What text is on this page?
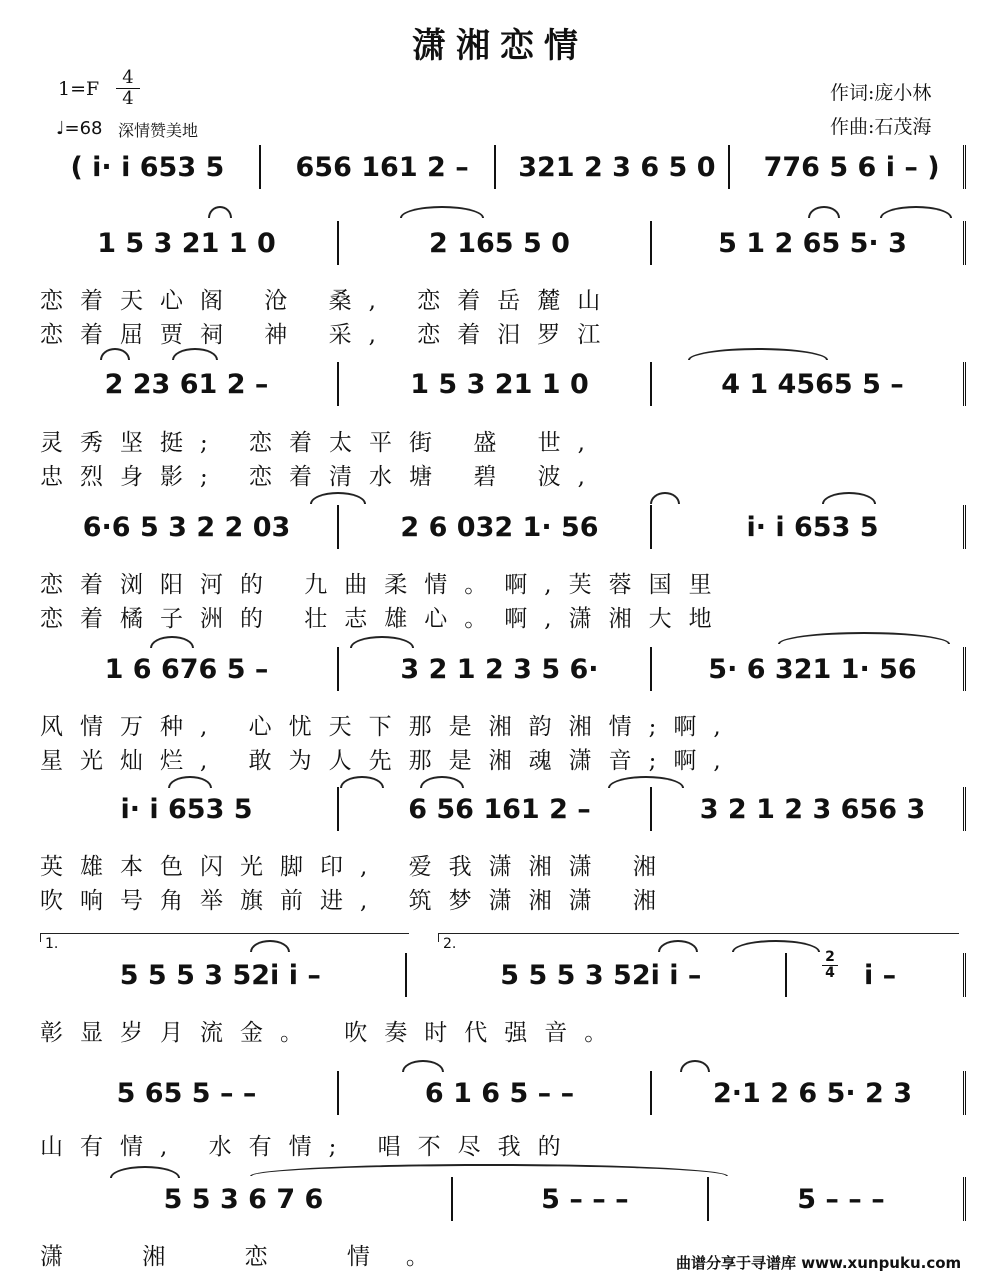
潇湘恋情
$1=F \frac{4}{4}$
♩=68 深情赞美地
作词:庞小林
作曲:石茂海
( i· i 653 5	656 161 2 –	321 2 3 6 5 0	776 5 6 i – )
1 5 3 21 1 0	2 165 5 0	5 1 2 65 5· 3
恋着天心阁 沧 桑, 恋着岳麓山
恋着屈贾祠 神 采, 恋着汨罗江
2 23 61 2 –	1 5 3 21 1 0	4 1 4565 5 –
灵秀坚挺; 恋着太平街 盛 世,
忠烈身影; 恋着清水塘 碧 波,
6·6 5 3 2 2 03	2 6 032 1· 56	i· i 653 5
恋着浏阳河的 九曲柔情。啊,芙蓉国里
恋着橘子洲的 壮志雄心。啊,潇湘大地
1 6 676 5 –	3 2 1 2 3 5 6·	5· 6 321 1· 56
风情万种, 心忧天下那是湘韵湘情;啊,
星光灿烂, 敢为人先那是湘魂潇音;啊,
i· i 653 5	6 56 161 2 –	3 2 1 2 3 656 3
英雄本色闪光脚印, 爱我潇湘潇 湘
吹响号角举旗前进, 筑梦潇湘潇 湘
1.	2.
$\frac{2}{4}$
5 5 5 3 52i i –	5 5 5 3 52i i –	i –
彰显岁月流金。 吹奏时代强音。
5 65 5 – –	6 1 6 5 – –	2·1 2 6 5· 2 3
山有情, 水有情; 唱不尽我的
5 5 3 6 7 6	5 – – –	5 – – –
潇 湘 恋 情。	曲谱分享于寻谱库 www.xunpuku.com
